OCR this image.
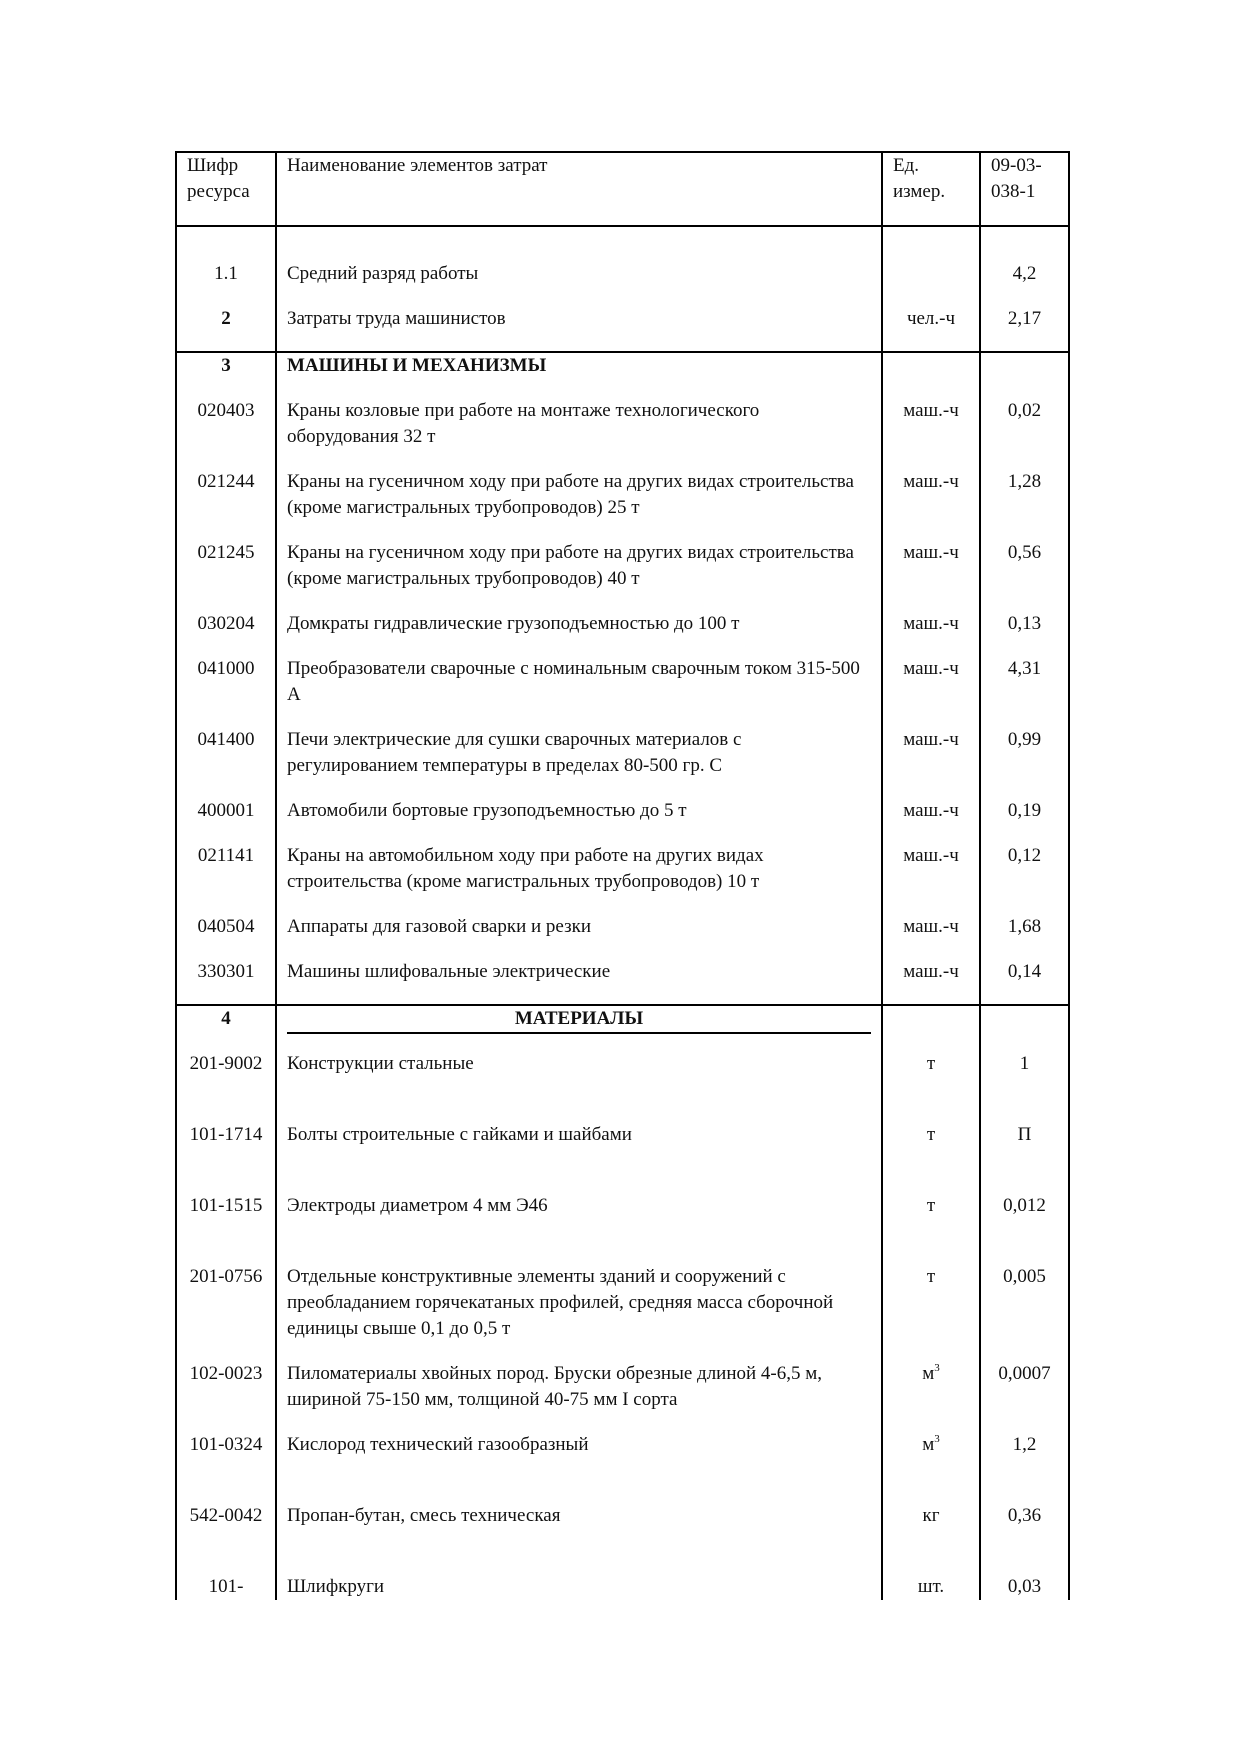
Шифр ресурса	Наименование элементов затрат	Ед. измер.	09-03-038-1

1.1	Средний разряд работы		4,2
2	Затраты труда машинистов	чел.-ч	2,17
3	МАШИНЫ И МЕХАНИЗМЫ		
020403	Краны козловые при работе на монтаже технологического оборудования 32 т	маш.-ч	0,02
021244	Краны на гусеничном ходу при работе на других видах строительства (кроме магистральных трубопроводов) 25 т	маш.-ч	1,28
021245	Краны на гусеничном ходу при работе на других видах строительства (кроме магистральных трубопроводов) 40 т	маш.-ч	0,56
030204	Домкраты гидравлические грузоподъемностью до 100 т	маш.-ч	0,13
041000	Преобразователи сварочные с номинальным сварочным током 315-500 А	маш.-ч	4,31
041400	Печи электрические для сушки сварочных материалов с регулированием температуры в пределах 80-500 гр. С	маш.-ч	0,99
400001	Автомобили бортовые грузоподъемностью до 5 т	маш.-ч	0,19
021141	Краны на автомобильном ходу при работе на других видах строительства (кроме магистральных трубопроводов) 10 т	маш.-ч	0,12
040504	Аппараты для газовой сварки и резки	маш.-ч	1,68
330301	Машины шлифовальные электрические	маш.-ч	0,14
4	МАТЕРИАЛЫ		

201-9002	Конструкции стальные	т	1
101-1714	Болты строительные с гайками и шайбами	т	П
101-1515	Электроды диаметром 4 мм Э46	т	0,012
201-0756	Отдельные конструктивные элементы зданий и сооружений с преобладанием горячекатаных профилей, средняя масса сборочной единицы свыше 0,1 до 0,5 т	т	0,005
102-0023	Пиломатериалы хвойных пород. Бруски обрезные длиной 4-6,5 м, шириной 75-150 мм, толщиной 40-75 мм I сорта	$м^3$	0,0007
101-0324	Кислород технический газообразный	$м^3$	1,2
542-0042	Пропан-бутан, смесь техническая	кг	0,36
101-	Шлифкруги	шт.	0,03
